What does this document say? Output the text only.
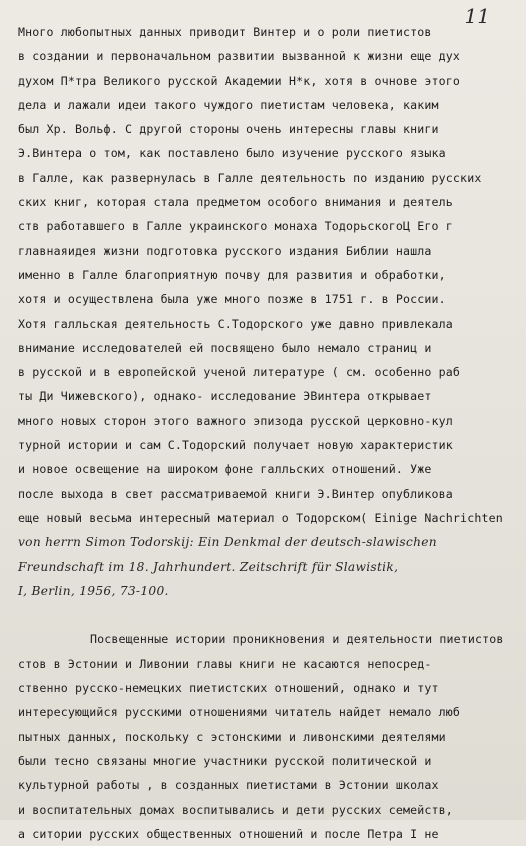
11
Много любопытных данных приводит Винтер и о роли пиетистов
в создании и первоначальном развитии вызванной к жизни еще дух
духом П*тра Великого русской Академии Н*к, хотя в очнове этого
дела и лажали идеи такого чуждого пиетистам человека, каким
был Хр. Вольф. С другой стороны очень интересны главы книги
Э.Винтера о том, как поставлено было изучение русского языка
в Галле, как развернулась в Галле деятельность по изданию русских
ских книг, которая стала предметом особого внимания и деятель
ств работавшего в Галле украинского монаха ТодорьскогоЦ Его г
главнаяидея жизни подготовка русского издания Библии нашла
именно в Галле благоприятную почву для развития и обработки,
хотя и осуществлена была уже много позже в 1751 г. в России.
Хотя галльская деятельность С.Тодорского уже давно привлекала
внимание исследователей ей посвящено было немало страниц и
в русской и в европейской ученой литературе ( см. особенно раб
ты Ди Чижевского), однако- исследование ЭВинтера открывает
много новых сторон этого важного эпизода русской церковно-кул
турной истории и сам С.Тодорский получает новую характеристик
и новое освещение на широком фоне галльских отношений. Уже
после выхода в свет рассматриваемой книги Э.Винтер опубликова
еще новый весьма интересный материал о Тодорском( Einige Nachrichten
von herrn Simon Todorskij: Ein Denkmal der deutsch-slawischen
Freundschaft im 18. Jahrhundert. Zeitschrift für Slawistik,
I, Berlin, 1956, 73-100.
Посвещенные истории проникновения и деятельности пиетистов
стов в Эстонии и Ливонии главы книги не касаются непосред-
ственно русско-немецких пиетистских отношений, однако и тут
интересующийся русскими отношениями читатель найдет немало люб
пытных данных, поскольку с эстонскими и ливонскими деятелями
были тесно связаны многие участники русской политической и
культурной работы , в созданных пиетистами в Эстонии школах
и воспитательных домах воспитывались и дети русских семейств,
а ситории русских общественных отношений и после Петра I не
